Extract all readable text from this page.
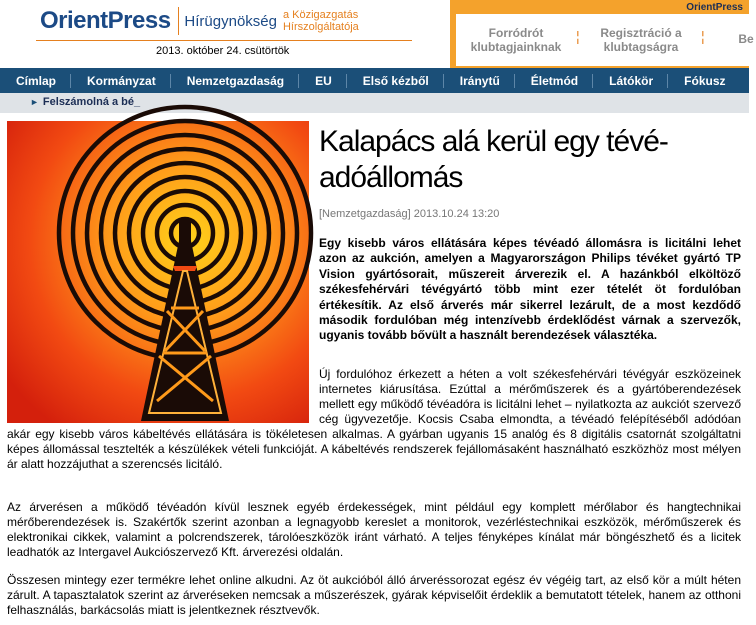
OrientPress Hírügynökség a Közigazgatás Hírszolgáltatója
2013. október 24. csütörtök
OrientPress
Forródrót klubtagjainknak
¦	Regisztráció a klubtagságra
¦	Be
Címlap	Kormányzat	Nemzetgazdaság	EU	Első kézből	Iránytű	Életmód	Látókör	Fókusz
► Felszámolná a bé_
Kalapács alá kerül egy tévé-adóállomás
[Nemzetgazdaság] 2013.10.24 13:20

Egy kisebb város ellátására képes tévéadó állomásra is licitálni lehet azon az aukción, amelyen a Magyarországon Philips tévéket gyártó TP Vision gyártósorait, műszereit árverezik el. A hazánkból elköltöző székesfehérvári tévégyártó több mint ezer tételét öt fordulóban értékesítik. Az első árverés már sikerrel lezárult, de a most kezdődő második fordulóban még intenzívebb érdeklődést várnak a szervezők, ugyanis tovább bővült a használt berendezések választéka.

Új fordulóhoz érkezett a héten a volt székesfehérvári tévégyár eszközeinek internetes kiárusítása. Ezúttal a mérőműszerek és a gyártóberendezések mellett egy működő tévéadóra is licitálni lehet – nyilatkozta az aukciót szervező cég ügyvezetője. Kocsis Csaba elmondta, a tévéadó felépítéséből adódóan akár egy kisebb város kábeltévés ellátására is tökéletesen alkalmas. A gyárban ugyanis 15 analóg és 8 digitális csatornát szolgáltatni képes állomással tesztelték a készülékek vételi funkcióját. A kábeltévés rendszerek fejállomásaként használható eszközhöz most mélyen ár alatt hozzájuthat a szerencsés licitáló.

Az árverésen a működő tévéadón kívül lesznek egyéb érdekességek, mint például egy komplett mérőlabor és hangtechnikai mérőberendezések is. Szakértők szerint azonban a legnagyobb kereslet a monitorok, vezérléstechnikai eszközök, mérőműszerek és elektronikai cikkek, valamint a polcrendszerek, tárolóeszközök iránt várható. A teljes fényképes kínálat már böngészhető és a licitek leadhatók az Intergavel Aukciószervező Kft. árverezési oldalán.

Összesen mintegy ezer termékre lehet online alkudni. Az öt aukcióból álló árveréssorozat egész év végéig tart, az első kör a múlt héten zárult. A tapasztalatok szerint az árveréseken nemcsak a műszerészek, gyárak képviselőit érdeklik a bemutatott tételek, hanem az otthoni felhasználás, barkácsolás miatt is jelentkeznek résztvevők.
